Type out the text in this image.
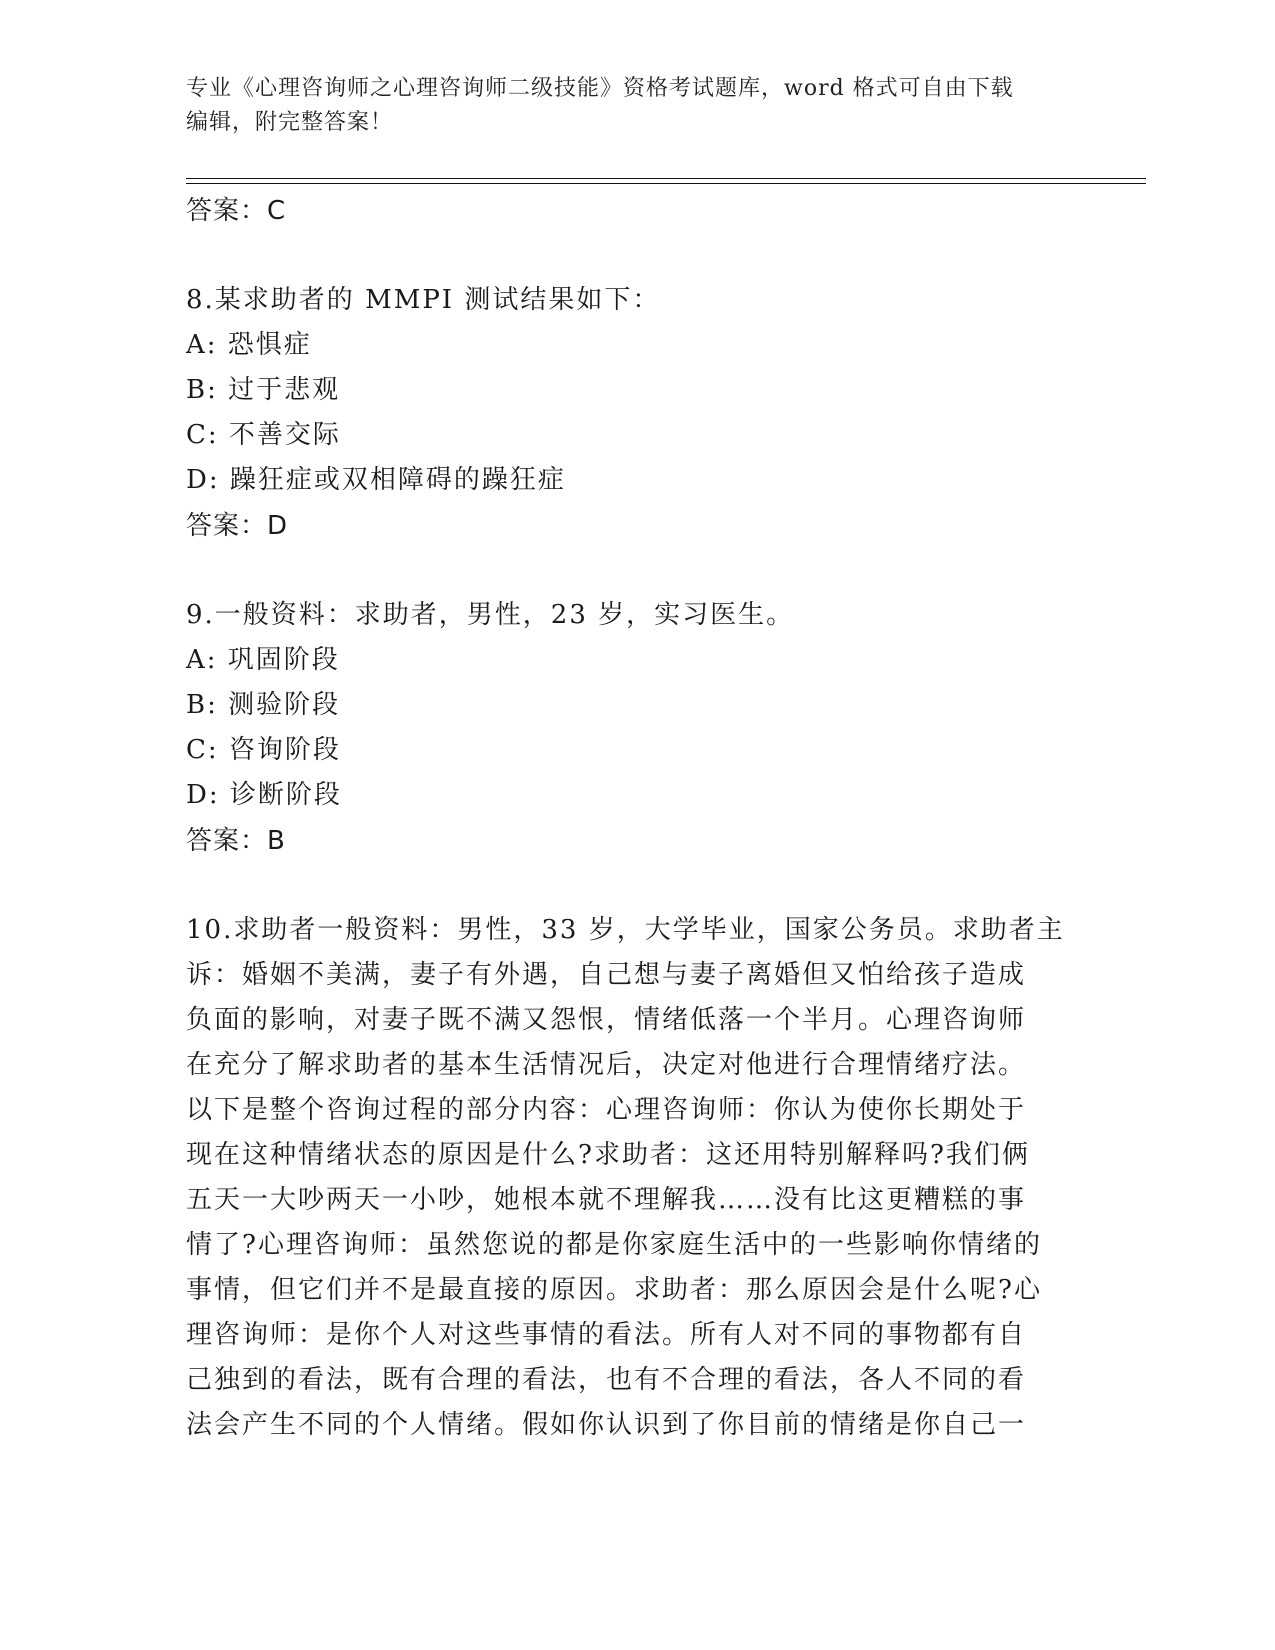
专业《心理咨询师之心理咨询师二级技能》资格考试题库，word 格式可自由下载
编辑，附完整答案！
答案：C
8.某求助者的 MMPI 测试结果如下：
A: 恐惧症
B: 过于悲观
C: 不善交际
D: 躁狂症或双相障碍的躁狂症
答案：D
9.一般资料：求助者，男性，23 岁，实习医生。
A: 巩固阶段
B: 测验阶段
C: 咨询阶段
D: 诊断阶段
答案：B
10.求助者一般资料：男性，33 岁，大学毕业，国家公务员。求助者主
诉：婚姻不美满，妻子有外遇，自己想与妻子离婚但又怕给孩子造成
负面的影响，对妻子既不满又怨恨，情绪低落一个半月。心理咨询师
在充分了解求助者的基本生活情况后，决定对他进行合理情绪疗法。
以下是整个咨询过程的部分内容：心理咨询师：你认为使你长期处于
现在这种情绪状态的原因是什么?求助者：这还用特别解释吗?我们俩
五天一大吵两天一小吵，她根本就不理解我……没有比这更糟糕的事
情了?心理咨询师：虽然您说的都是你家庭生活中的一些影响你情绪的
事情，但它们并不是最直接的原因。求助者：那么原因会是什么呢?心
理咨询师：是你个人对这些事情的看法。所有人对不同的事物都有自
己独到的看法，既有合理的看法，也有不合理的看法，各人不同的看
法会产生不同的个人情绪。假如你认识到了你目前的情绪是你自己一
